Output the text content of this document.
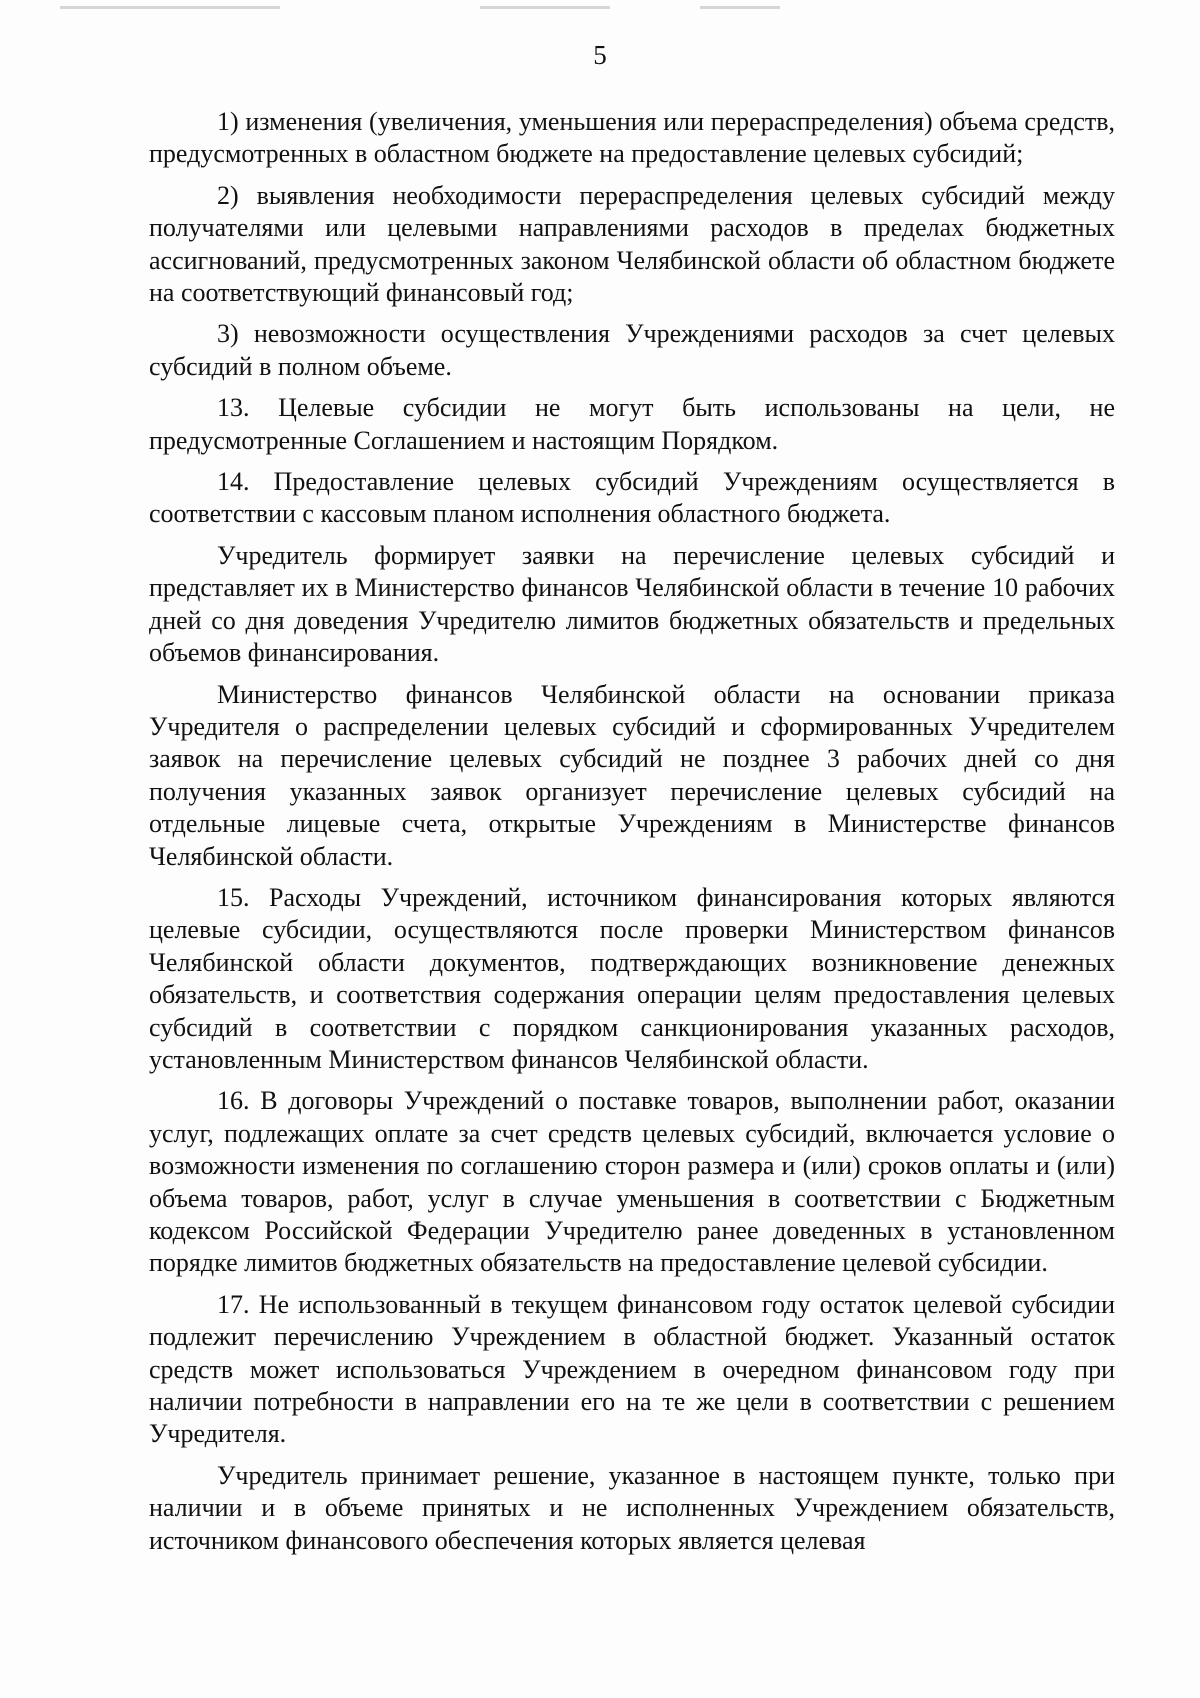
5

1) изменения (увеличения, уменьшения или перераспределения) объема средств, предусмотренных в областном бюджете на предоставление целевых субсидий;

2) выявления необходимости перераспределения целевых субсидий между получателями или целевыми направлениями расходов в пределах бюджетных ассигнований, предусмотренных законом Челябинской области об областном бюджете на соответствующий финансовый год;

3) невозможности осуществления Учреждениями расходов за счет целевых субсидий в полном объеме.

13. Целевые субсидии не могут быть использованы на цели, не предусмотренные Соглашением и настоящим Порядком.

14. Предоставление целевых субсидий Учреждениям осуществляется в соответствии с кассовым планом исполнения областного бюджета.

Учредитель формирует заявки на перечисление целевых субсидий и представляет их в Министерство финансов Челябинской области в течение 10 рабочих дней со дня доведения Учредителю лимитов бюджетных обязательств и предельных объемов финансирования.

Министерство финансов Челябинской области на основании приказа Учредителя о распределении целевых субсидий и сформированных Учредителем заявок на перечисление целевых субсидий не позднее 3 рабочих дней со дня получения указанных заявок организует перечисление целевых субсидий на отдельные лицевые счета, открытые Учреждениям в Министерстве финансов Челябинской области.

15. Расходы Учреждений, источником финансирования которых являются целевые субсидии, осуществляются после проверки Министерством финансов Челябинской области документов, подтверждающих возникновение денежных обязательств, и соответствия содержания операции целям предоставления целевых субсидий в соответствии с порядком санкционирования указанных расходов, установленным Министерством финансов Челябинской области.

16. В договоры Учреждений о поставке товаров, выполнении работ, оказании услуг, подлежащих оплате за счет средств целевых субсидий, включается условие о возможности изменения по соглашению сторон размера и (или) сроков оплаты и (или) объема товаров, работ, услуг в случае уменьшения в соответствии с Бюджетным кодексом Российской Федерации Учредителю ранее доведенных в установленном порядке лимитов бюджетных обязательств на предоставление целевой субсидии.

17. Не использованный в текущем финансовом году остаток целевой субсидии подлежит перечислению Учреждением в областной бюджет. Указанный остаток средств может использоваться Учреждением в очередном финансовом году при наличии потребности в направлении его на те же цели в соответствии с решением Учредителя.

Учредитель принимает решение, указанное в настоящем пункте, только при наличии и в объеме принятых и не исполненных Учреждением обязательств, источником финансового обеспечения которых является целевая
